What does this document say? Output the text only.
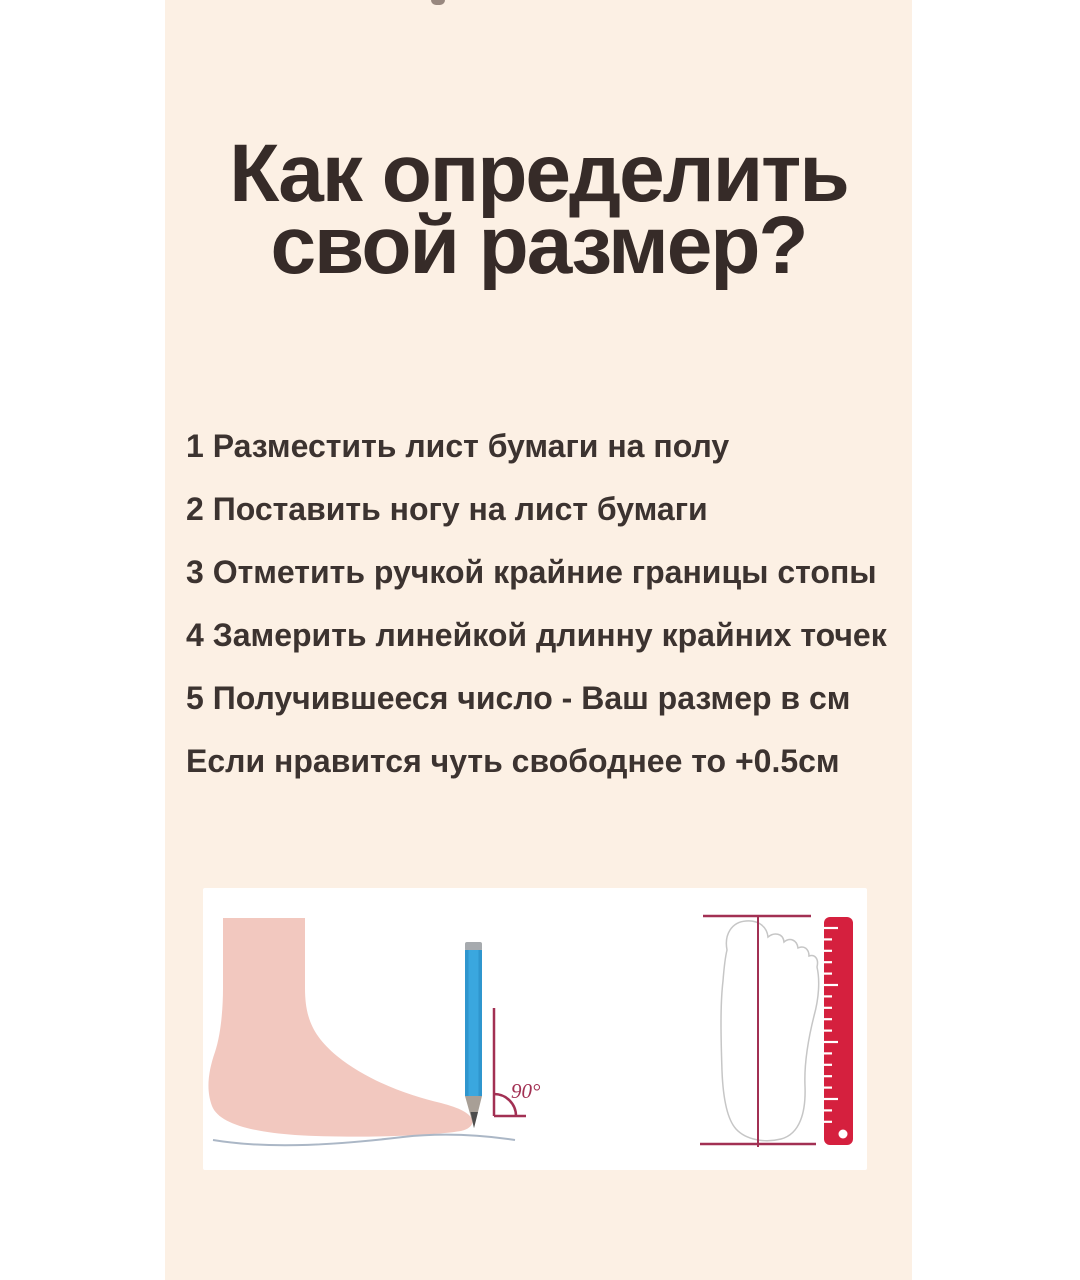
Как определить
свой размер?
1 Разместить лист бумаги на полу
2 Поставить ногу на лист бумаги
3 Отметить ручкой крайние границы стопы
4 Замерить линейкой длинну крайних точек
5 Получившееся число - Ваш размер в см
Если нравится чуть свободнее то +0.5см
90°
